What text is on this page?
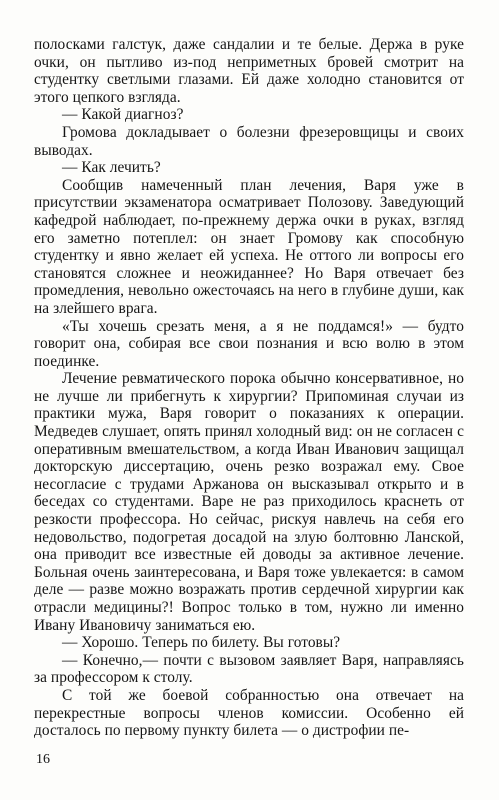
полосками галстук, даже сандалии и те белые. Держа в руке очки, он пытливо из-под неприметных бровей смотрит на студентку светлыми глазами. Ей даже холодно становится от этого цепкого взгляда.

— Какой диагноз?

Громова докладывает о болезни фрезеровщицы и своих выводах.

— Как лечить?

Сообщив намеченный план лечения, Варя уже в присутствии экзаменатора осматривает Полозову. Заведующий кафедрой наблюдает, по-прежнему держа очки в руках, взгляд его заметно потеплел: он знает Громову как способную студентку и явно желает ей успеха. Не оттого ли вопросы его становятся сложнее и неожиданнее? Но Варя отвечает без промедления, невольно ожесточаясь на него в глубине души, как на злейшего врага.

«Ты хочешь срезать меня, а я не поддамся!» — будто говорит она, собирая все свои познания и всю волю в этом поединке.

Лечение ревматического порока обычно консервативное, но не лучше ли прибегнуть к хирургии? Припоминая случаи из практики мужа, Варя говорит о показаниях к операции. Медведев слушает, опять принял холодный вид: он не согласен с оперативным вмешательством, а когда Иван Иванович защищал докторскую диссертацию, очень резко возражал ему. Свое несогласие с трудами Аржанова он высказывал открыто и в беседах со студентами. Варе не раз приходилось краснеть от резкости профессора. Но сейчас, рискуя навлечь на себя его недовольство, подогретая досадой на злую болтовню Ланской, она приводит все известные ей доводы за активное лечение. Больная очень заинтересована, и Варя тоже увлекается: в самом деле — разве можно возражать против сердечной хирургии как отрасли медицины?! Вопрос только в том, нужно ли именно Ивану Ивановичу заниматься ею.

— Хорошо. Теперь по билету. Вы готовы?

— Конечно,— почти с вызовом заявляет Варя, направляясь за профессором к столу.

С той же боевой собранностью она отвечает на перекрестные вопросы членов комиссии. Особенно ей досталось по первому пункту билета — о дистрофии пе-

16
